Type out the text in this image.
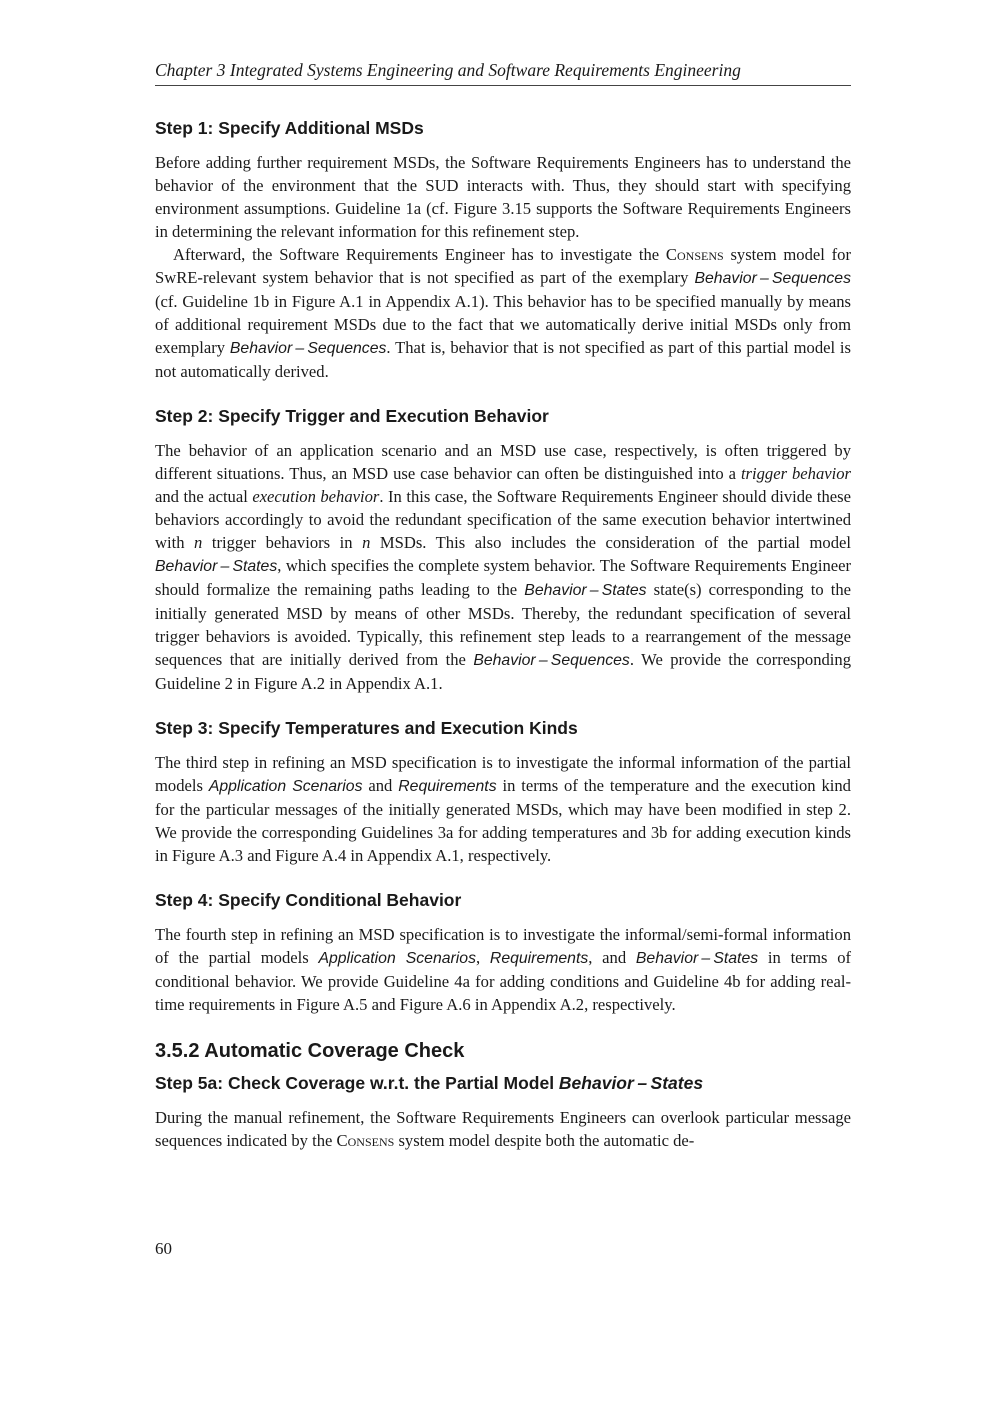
Chapter 3 Integrated Systems Engineering and Software Requirements Engineering
Step 1: Specify Additional MSDs

Before adding further requirement MSDs, the Software Requirements Engineers has to understand the behavior of the environment that the SUD interacts with. Thus, they should start with specifying environment assumptions. Guideline 1a (cf. Figure 3.15 supports the Software Requirements Engineers in determining the relevant information for this refinement step.

Afterward, the Software Requirements Engineer has to investigate the Consens system model for SwRE-relevant system behavior that is not specified as part of the exemplary Behavior – Sequences (cf. Guideline 1b in Figure A.1 in Appendix A.1). This behavior has to be specified manually by means of additional requirement MSDs due to the fact that we automatically derive initial MSDs only from exemplary Behavior – Sequences. That is, behavior that is not specified as part of this partial model is not automatically derived.

Step 2: Specify Trigger and Execution Behavior

The behavior of an application scenario and an MSD use case, respectively, is often triggered by different situations. Thus, an MSD use case behavior can often be distinguished into a trigger behavior and the actual execution behavior. In this case, the Software Requirements Engineer should divide these behaviors accordingly to avoid the redundant specification of the same execution behavior intertwined with n trigger behaviors in n MSDs. This also includes the consideration of the partial model Behavior – States, which specifies the complete system behavior. The Software Requirements Engineer should formalize the remaining paths leading to the Behavior – States state(s) corresponding to the initially generated MSD by means of other MSDs. Thereby, the redundant specification of several trigger behaviors is avoided. Typically, this refinement step leads to a rearrangement of the message sequences that are initially derived from the Behavior – Sequences. We provide the corresponding Guideline 2 in Figure A.2 in Appendix A.1.

Step 3: Specify Temperatures and Execution Kinds

The third step in refining an MSD specification is to investigate the informal information of the partial models Application Scenarios and Requirements in terms of the temperature and the execution kind for the particular messages of the initially generated MSDs, which may have been modified in step 2. We provide the corresponding Guidelines 3a for adding temperatures and 3b for adding execution kinds in Figure A.3 and Figure A.4 in Appendix A.1, respectively.

Step 4: Specify Conditional Behavior

The fourth step in refining an MSD specification is to investigate the informal/semi-formal information of the partial models Application Scenarios, Requirements, and Behavior – States in terms of conditional behavior. We provide Guideline 4a for adding conditions and Guideline 4b for adding real-time requirements in Figure A.5 and Figure A.6 in Appendix A.2, respectively.

3.5.2 Automatic Coverage Check
Step 5a: Check Coverage w.r.t. the Partial Model Behavior – States

During the manual refinement, the Software Requirements Engineers can overlook particular message sequences indicated by the Consens system model despite both the automatic de-

60
